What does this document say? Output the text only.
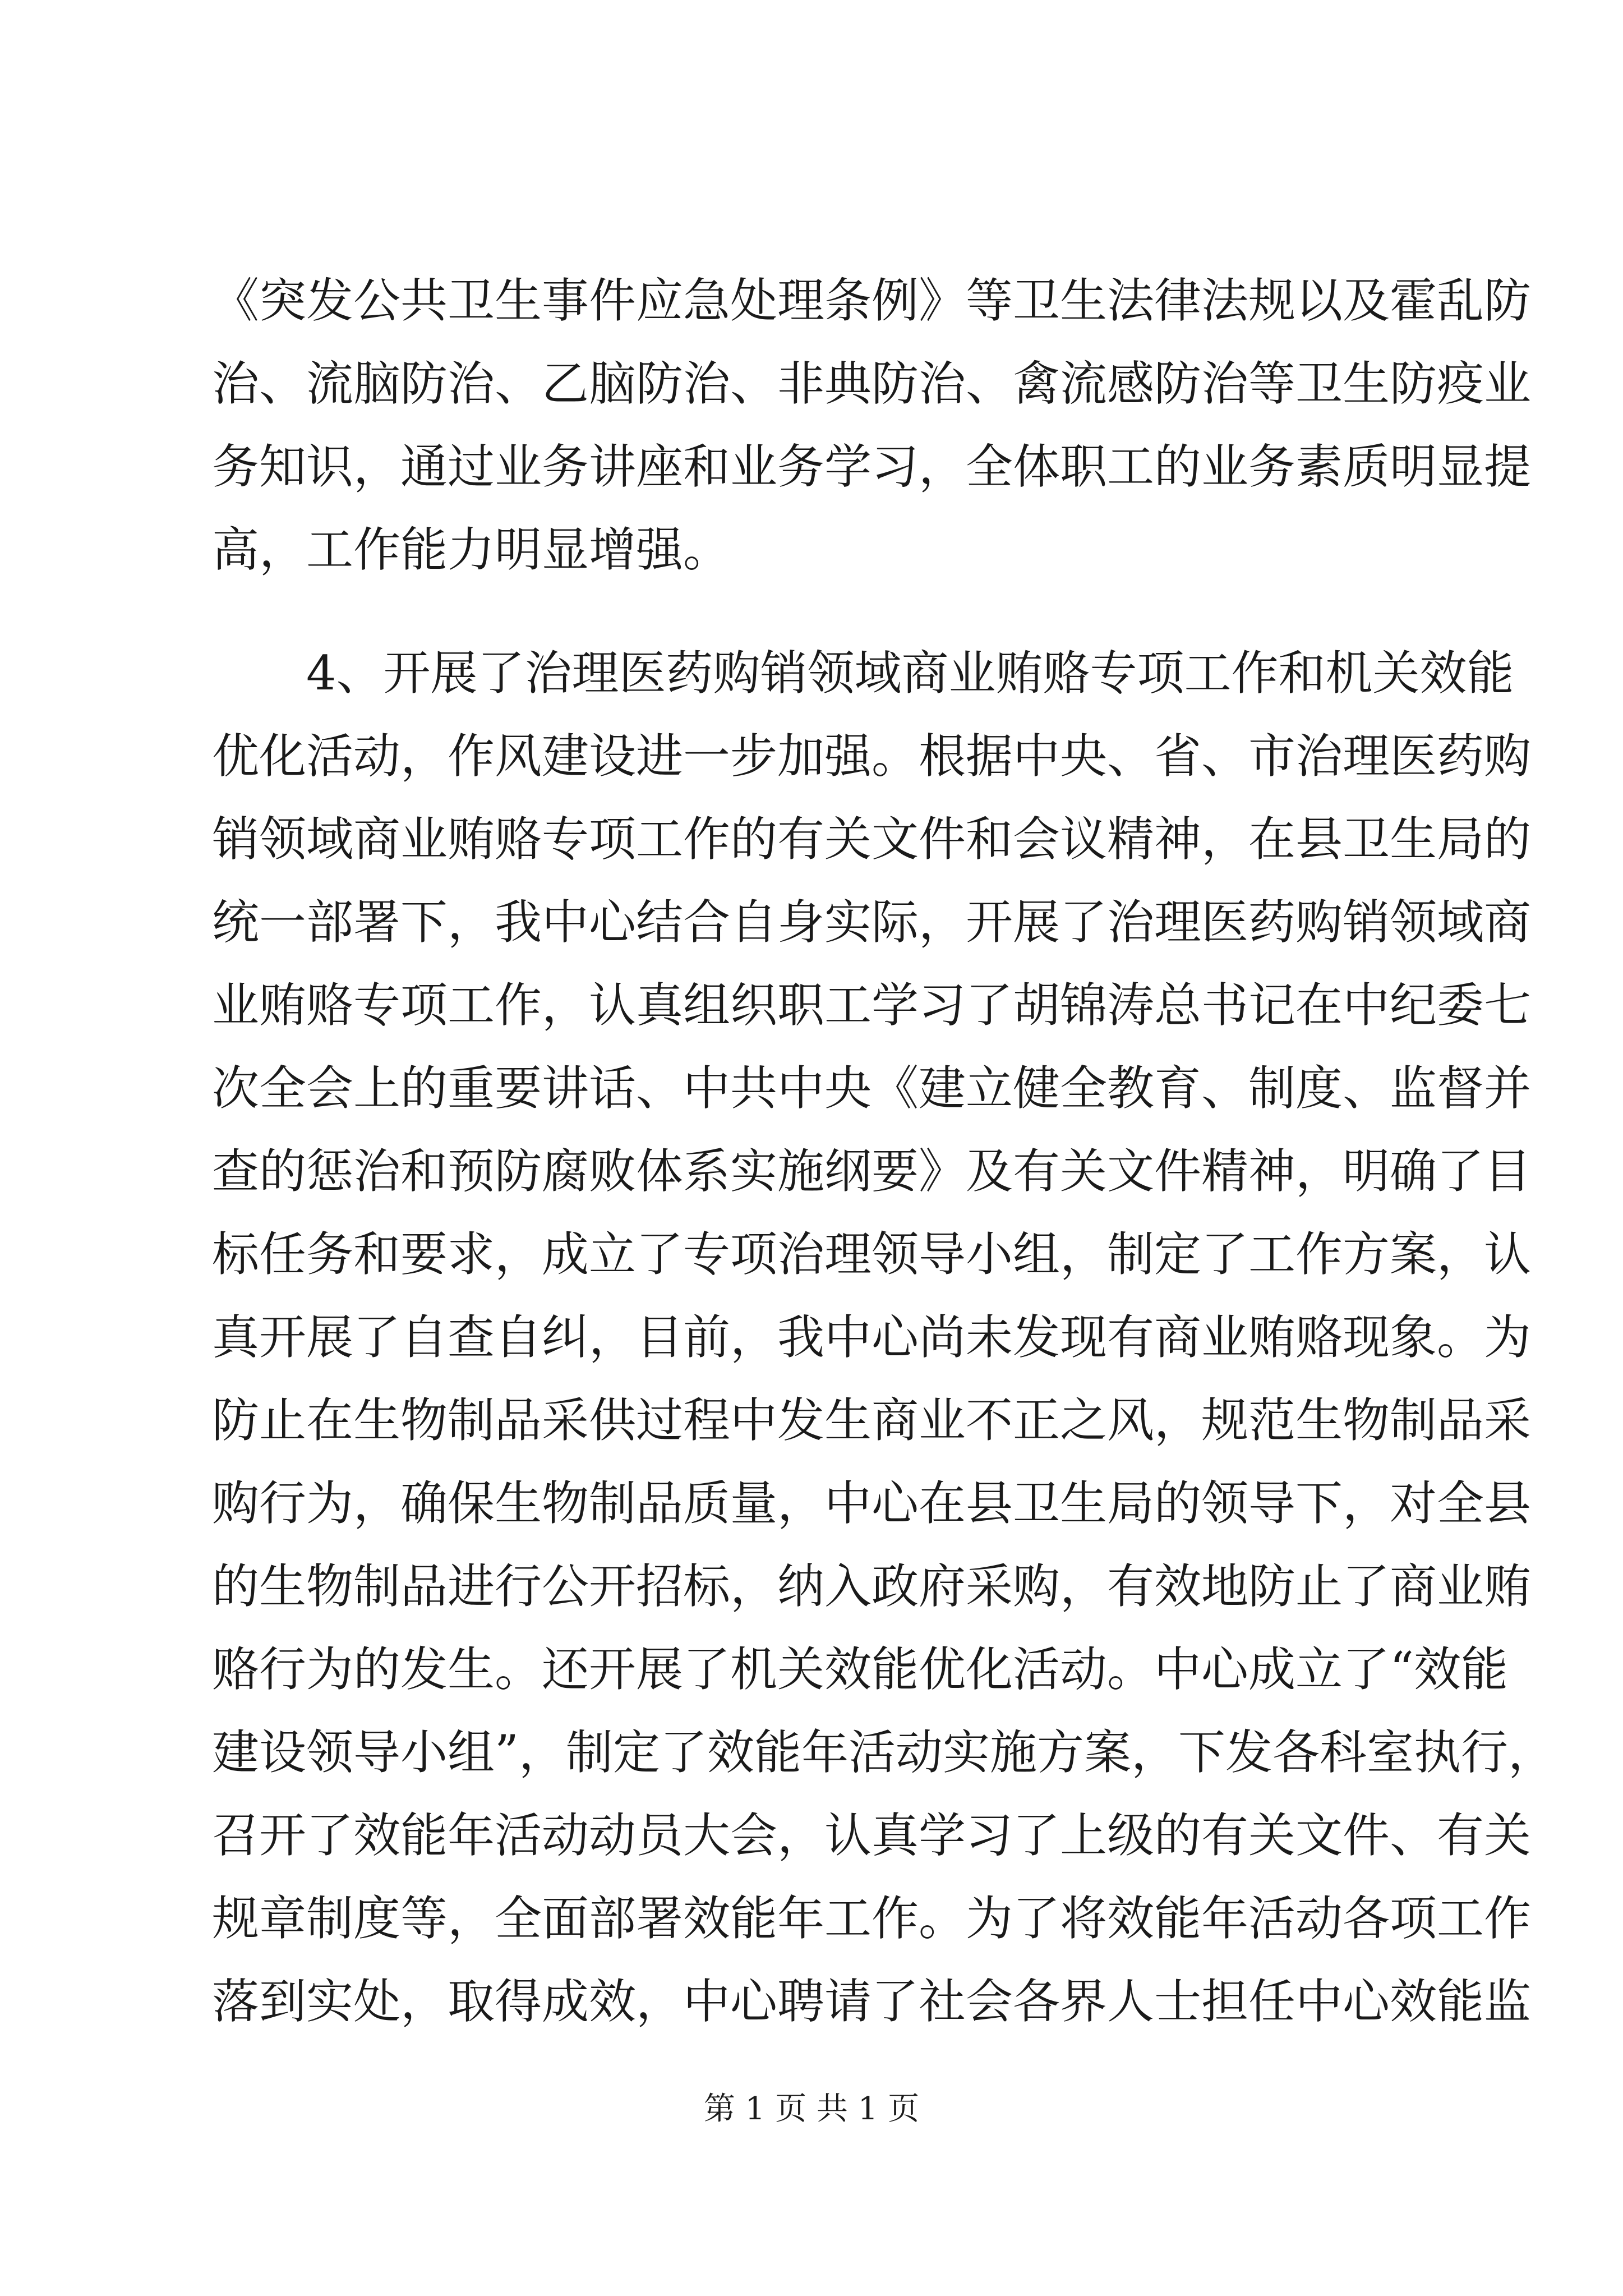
《突发公共卫生事件应急处理条例》等卫生法律法规以及霍乱防
治、流脑防治、乙脑防治、非典防治、禽流感防治等卫生防疫业
务知识，通过业务讲座和业务学习，全体职工的业务素质明显提
高，工作能力明显增强。
4、开展了治理医药购销领域商业贿赂专项工作和机关效能
优化活动，作风建设进一步加强。根据中央、省、市治理医药购
销领域商业贿赂专项工作的有关文件和会议精神，在县卫生局的
统一部署下，我中心结合自身实际，开展了治理医药购销领域商
业贿赂专项工作，认真组织职工学习了胡锦涛总书记在中纪委七
次全会上的重要讲话、中共中央《建立健全教育、制度、监督并
查的惩治和预防腐败体系实施纲要》及有关文件精神，明确了目
标任务和要求，成立了专项治理领导小组，制定了工作方案，认
真开展了自查自纠，目前，我中心尚未发现有商业贿赂现象。为
防止在生物制品采供过程中发生商业不正之风，规范生物制品采
购行为，确保生物制品质量，中心在县卫生局的领导下，对全县
的生物制品进行公开招标，纳入政府采购，有效地防止了商业贿
赂行为的发生。还开展了机关效能优化活动。中心成立了“效能
建设领导小组”，制定了效能年活动实施方案，下发各科室执行，
召开了效能年活动动员大会，认真学习了上级的有关文件、有关
规章制度等，全面部署效能年工作。为了将效能年活动各项工作
落到实处，取得成效，中心聘请了社会各界人士担任中心效能监
第 1 页 共 1 页
